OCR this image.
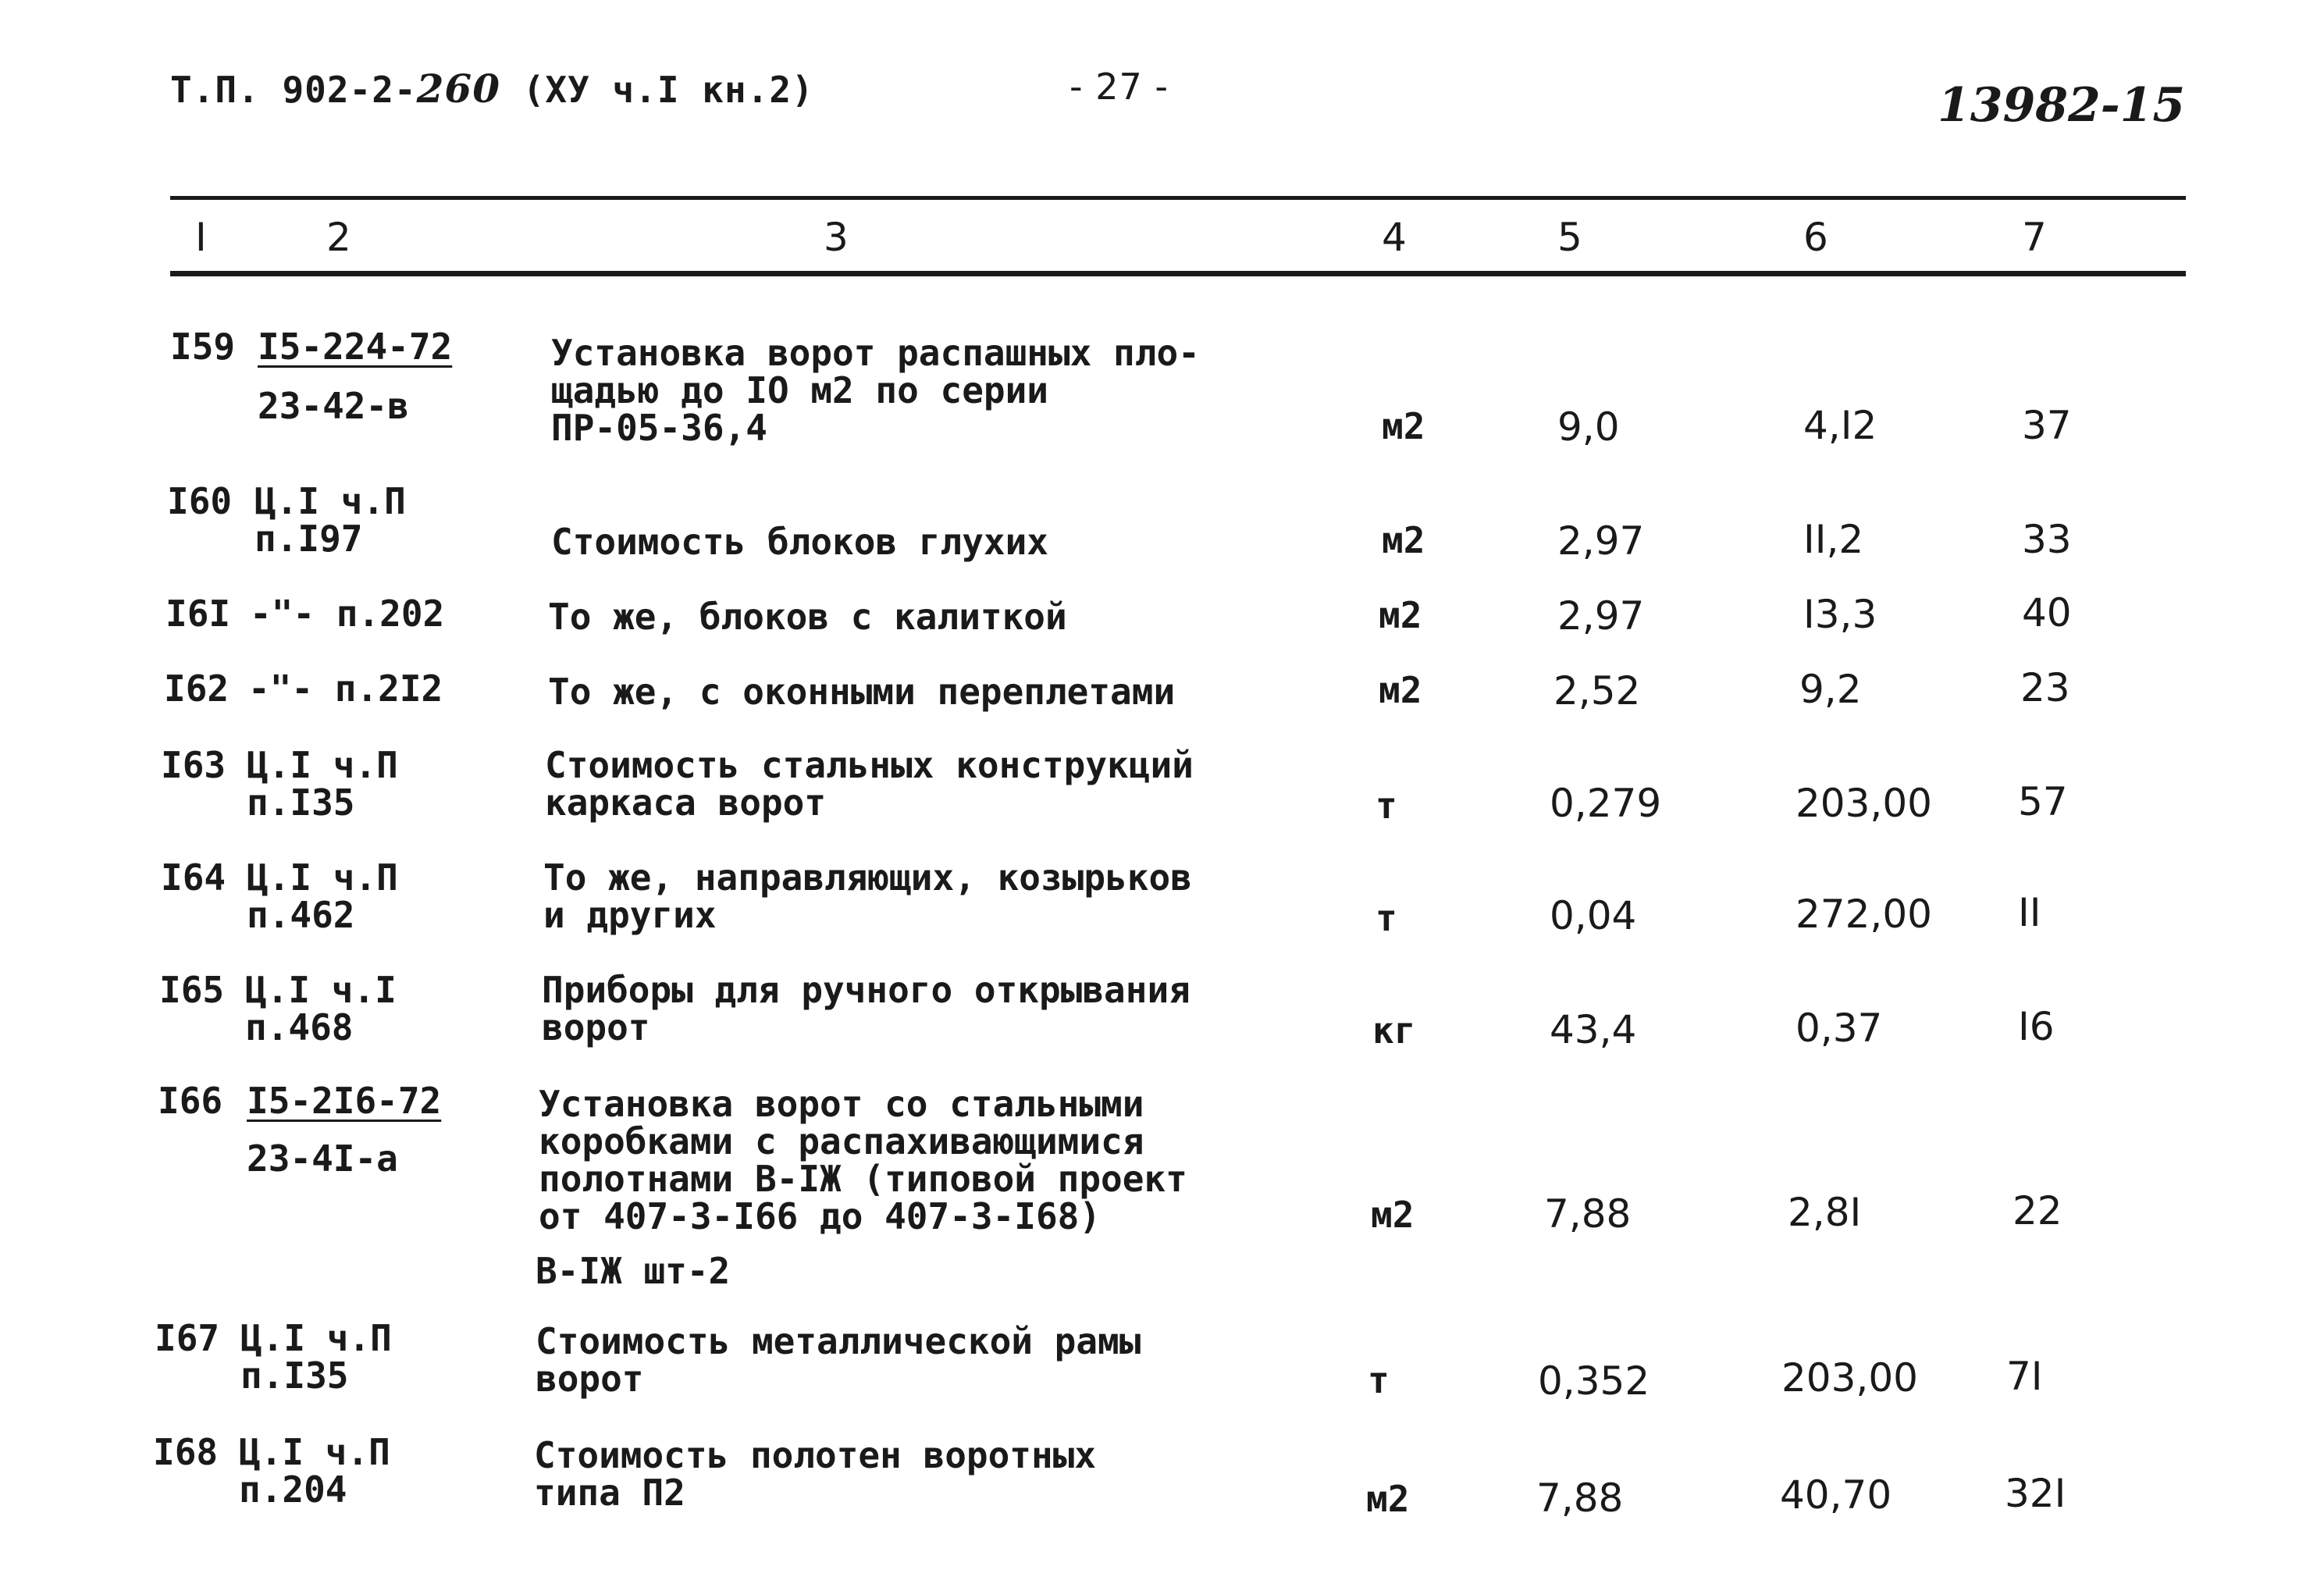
Т.П. 902-2-260 (ХУ ч.I кн.2)	- 27 -	13982-15
I	2	3	4	5	6	7
I59 I5-224-72
23-42-в
Установка ворот распашных пло-
щадью до IO м2 по серии
ПР-05-36,4	м2	9,0	4,I2	37
I60 Ц.I ч.П
п.I97	Стоимость блоков глухих	м2	2,97	II,2	33
I6I -"- п.202	То же, блоков с калиткой	м2	2,97	I3,3	40
I62 -"- п.2I2	То же, с оконными переплетами	м2	2,52	9,2	23
I63 Ц.I ч.П
п.I35
Стоимость стальных конструкций
каркаса ворот	т	0,279	203,00 57
I64 Ц.I ч.П
п.462
То же, направляющих, козырьков
и других	т	0,04	272,00 II
I65 Ц.I ч.I
п.468
Приборы для ручного открывания
ворот	кг	43,4	0,37	I6
I66 I5-2I6-72
23-4I-а
Установка ворот со стальными
коробками с распахивающимися
полотнами В-IЖ (типовой проект
от 407-3-I66 до 407-3-I68)
В-IЖ шт-2
м2	7,88	2,8I	22
I67 Ц.I ч.П
п.I35
Стоимость металлической рамы
ворот	т	0,352	203,00 7I
I68 Ц.I ч.П
п.204
Стоимость полотен воротных
типа П2	м2	7,88	40,70	32I
